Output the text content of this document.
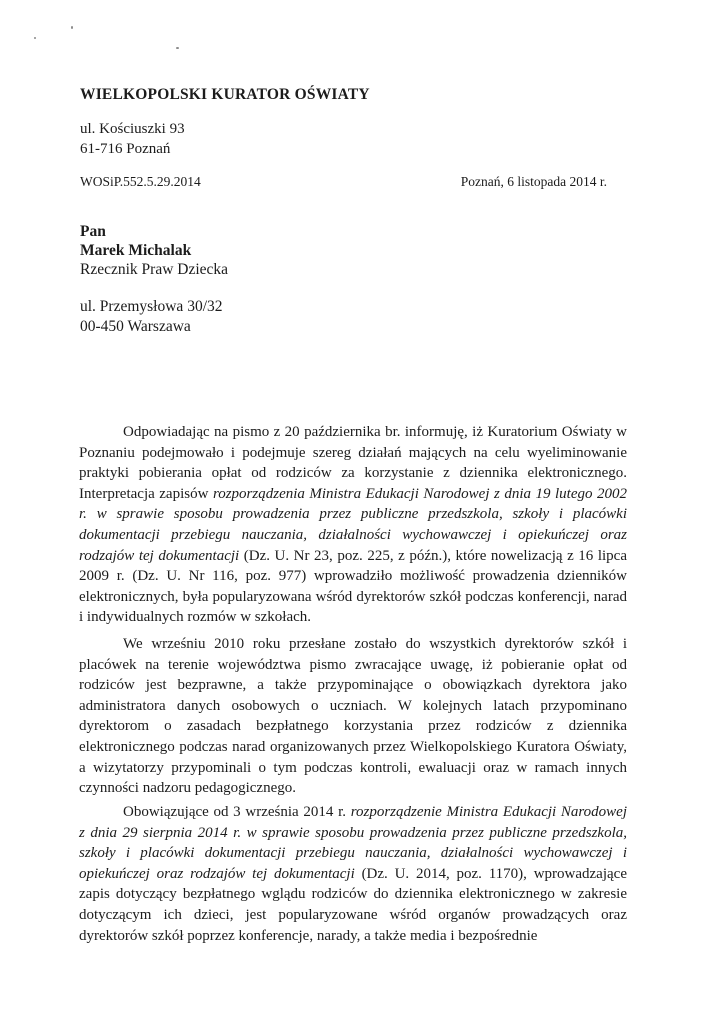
WIELKOPOLSKI KURATOR OŚWIATY
ul. Kościuszki 93
61-716 Poznań
WOSiP.552.5.29.2014	Poznań, 6 listopada 2014 r.
Pan
Marek Michalak
Rzecznik Praw Dziecka
ul. Przemysłowa 30/32
00-450 Warszawa
Odpowiadając na pismo z 20 października br. informuję, iż Kuratorium Oświaty w Poznaniu podejmowało i podejmuje szereg działań mających na celu wyeliminowanie praktyki pobierania opłat od rodziców za korzystanie z dziennika elektronicznego. Interpretacja zapisów rozporządzenia Ministra Edukacji Narodowej z dnia 19 lutego 2002 r. w sprawie sposobu prowadzenia przez publiczne przedszkola, szkoły i placówki dokumentacji przebiegu nauczania, działalności wychowawczej i opiekuńczej oraz rodzajów tej dokumentacji (Dz. U. Nr 23, poz. 225, z późn.), które nowelizacją z 16 lipca 2009 r. (Dz. U. Nr 116, poz. 977) wprowadziło możliwość prowadzenia dzienników elektronicznych, była popularyzowana wśród dyrektorów szkół podczas konferencji, narad i indywidualnych rozmów w szkołach.
We wrześniu 2010 roku przesłane zostało do wszystkich dyrektorów szkół i placówek na terenie województwa pismo zwracające uwagę, iż pobieranie opłat od rodziców jest bezprawne, a także przypominające o obowiązkach dyrektora jako administratora danych osobowych o uczniach. W kolejnych latach przypominano dyrektorom o zasadach bezpłatnego korzystania przez rodziców z dziennika elektronicznego podczas narad organizowanych przez Wielkopolskiego Kuratora Oświaty, a wizytatorzy przypominali o tym podczas kontroli, ewaluacji oraz w ramach innych czynności nadzoru pedagogicznego.
Obowiązujące od 3 września 2014 r. rozporządzenie Ministra Edukacji Narodowej z dnia 29 sierpnia 2014 r. w sprawie sposobu prowadzenia przez publiczne przedszkola, szkoły i placówki dokumentacji przebiegu nauczania, działalności wychowawczej i opiekuńczej oraz rodzajów tej dokumentacji (Dz. U. 2014, poz. 1170), wprowadzające zapis dotyczący bezpłatnego wglądu rodziców do dziennika elektronicznego w zakresie dotyczącym ich dzieci, jest popularyzowane wśród organów prowadzących oraz dyrektorów szkół poprzez konferencje, narady, a także media i bezpośrednie
